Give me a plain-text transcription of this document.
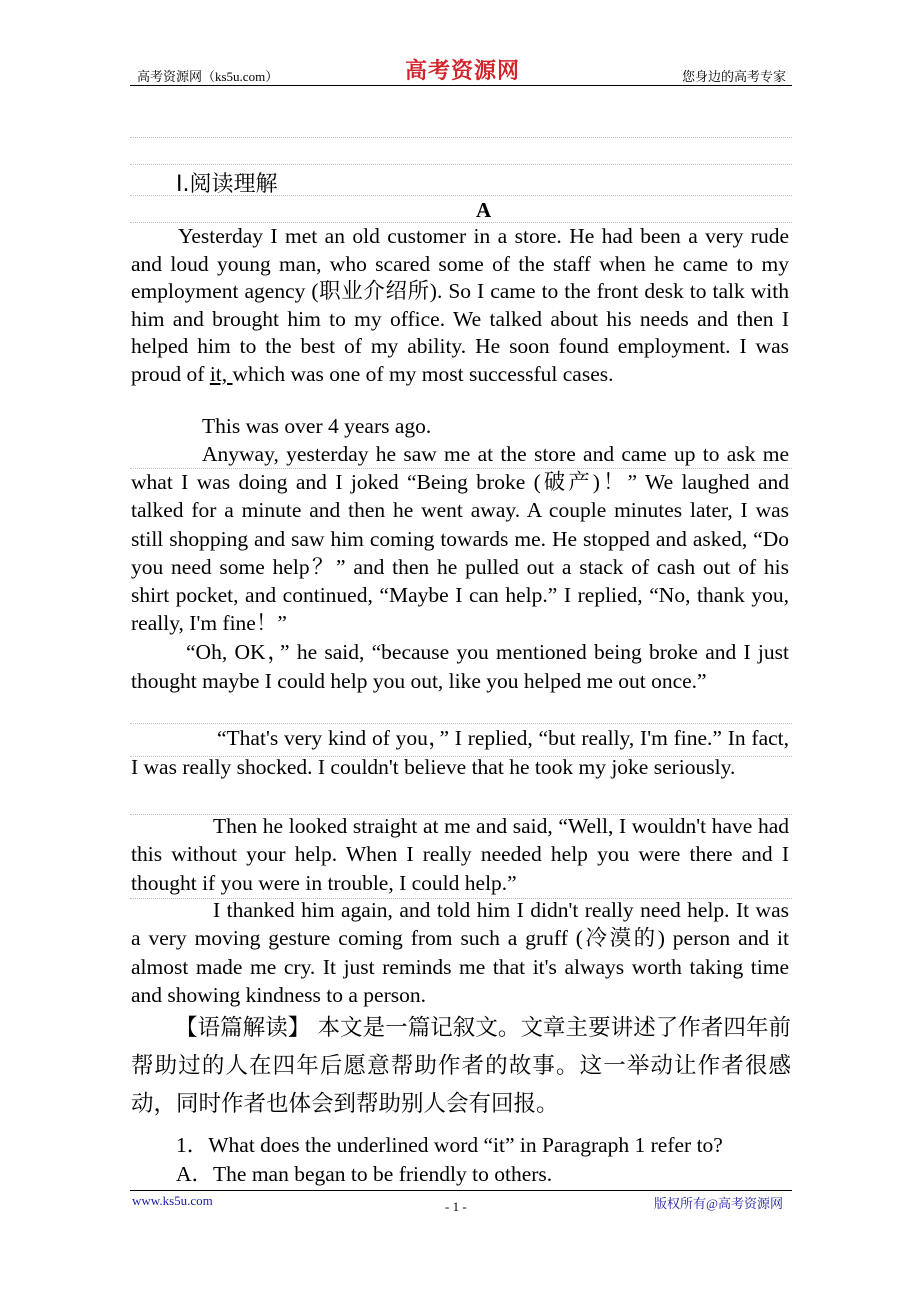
高考资源网（ks5u.com）	高考资源网	您身边的高考专家
Ⅰ.阅读理解
A

Yesterday I met an old customer in a store. He had been a very rude and loud young man, who scared some of the staff when he came to my employment agency (职业介绍所). So I came to the front desk to talk with him and brought him to my office. We talked about his needs and then I helped him to the best of my ability. He soon found employment. I was proud of it, which was one of my most successful cases.

This was over 4 years ago.

Anyway, yesterday he saw me at the store and came up to ask me what I was doing and I joked “Being broke (破产)！” We laughed and talked for a minute and then he went away. A couple minutes later, I was still shopping and saw him coming towards me. He stopped and asked, “Do you need some help？” and then he pulled out a stack of cash out of his shirt pocket, and continued, “Maybe I can help.” I replied, “No, thank you, really, I'm fine！”

“Oh, OK，” he said, “because you mentioned being broke and I just thought maybe I could help you out, like you helped me out once.”

“That's very kind of you，” I replied, “but really, I'm fine.” In fact, I was really shocked. I couldn't believe that he took my joke seriously.

Then he looked straight at me and said, “Well, I wouldn't have had this without your help. When I really needed help you were there and I thought if you were in trouble, I could help.”

I thanked him again, and told him I didn't really need help. It was a very moving gesture coming from such a gruff (冷漠的) person and it almost made me cry. It just reminds me that it's always worth taking time and showing kindness to a person.

【语篇解读】 本文是一篇记叙文。文章主要讲述了作者四年前帮助过的人在四年后愿意帮助作者的故事。这一举动让作者很感动，同时作者也体会到帮助别人会有回报。

1．What does the underlined word “it” in Paragraph 1 refer to?
A．The man began to be friendly to others.
www.ks5u.com	- 1 -	版权所有@高考资源网
